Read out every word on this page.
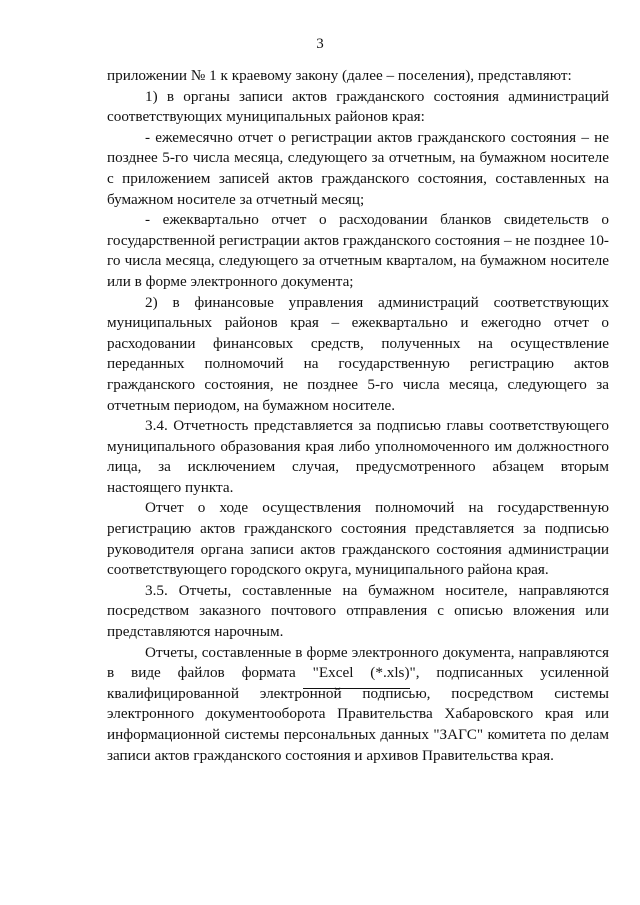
3

приложении № 1 к краевому закону (далее – поселения), представляют:

1) в органы записи актов гражданского состояния администраций соответствующих муниципальных районов края:

- ежемесячно отчет о регистрации актов гражданского состояния – не позднее 5-го числа месяца, следующего за отчетным, на бумажном носителе с приложением записей актов гражданского состояния, составленных на бумажном носителе за отчетный месяц;

- ежеквартально отчет о расходовании бланков свидетельств о государственной регистрации актов гражданского состояния – не позднее 10-го числа месяца, следующего за отчетным кварталом, на бумажном носителе или в форме электронного документа;

2) в финансовые управления администраций соответствующих муниципальных районов края – ежеквартально и ежегодно отчет о расходовании финансовых средств, полученных на осуществление переданных полномочий на государственную регистрацию актов гражданского состояния, не позднее 5-го числа месяца, следующего за отчетным периодом, на бумажном носителе.

3.4. Отчетность представляется за подписью главы соответствующего муниципального образования края либо уполномоченного им должностного лица, за исключением случая, предусмотренного абзацем вторым настоящего пункта.

Отчет о ходе осуществления полномочий на государственную регистрацию актов гражданского состояния представляется за подписью руководителя органа записи актов гражданского состояния администрации соответствующего городского округа, муниципального района края.

3.5. Отчеты, составленные на бумажном носителе, направляются посредством заказного почтового отправления с описью вложения или представляются нарочным.

Отчеты, составленные в форме электронного документа, направляются в виде файлов формата "Excel (*.xls)", подписанных усиленной квалифицированной электронной подписью, посредством системы электронного документооборота Правительства Хабаровского края или информационной системы персональных данных "ЗАГС" комитета по делам записи актов гражданского состояния и архивов Правительства края.
